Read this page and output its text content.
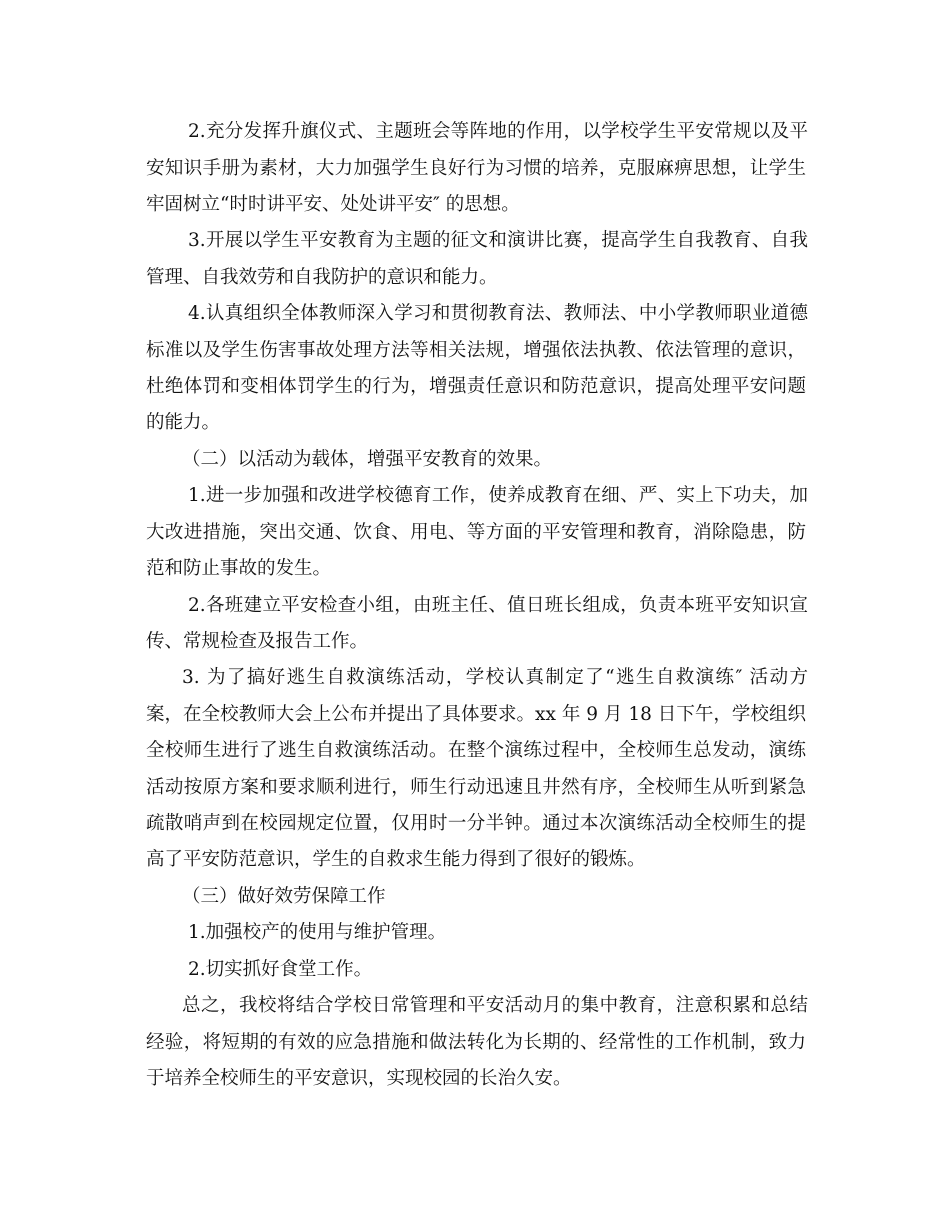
2.充分发挥升旗仪式、主题班会等阵地的作用，以学校学生平安常规以及平
安知识手册为素材，大力加强学生良好行为习惯的培养，克服麻痹思想，让学生
牢固树立“时时讲平安、处处讲平安″ 的思想。
3.开展以学生平安教育为主题的征文和演讲比赛，提高学生自我教育、自我
管理、自我效劳和自我防护的意识和能力。
4.认真组织全体教师深入学习和贯彻教育法、教师法、中小学教师职业道德
标准以及学生伤害事故处理方法等相关法规，增强依法执教、依法管理的意识，
杜绝体罚和变相体罚学生的行为，增强责任意识和防范意识，提高处理平安问题
的能力。
（二）以活动为载体，增强平安教育的效果。
1.进一步加强和改进学校德育工作，使养成教育在细、严、实上下功夫，加
大改进措施，突出交通、饮食、用电、等方面的平安管理和教育，消除隐患，防
范和防止事故的发生。
2.各班建立平安检查小组，由班主任、值日班长组成，负责本班平安知识宣
传、常规检查及报告工作。
3. 为了搞好逃生自救演练活动，学校认真制定了“逃生自救演练″ 活动方
案，在全校教师大会上公布并提出了具体要求。xx 年 9 月 18 日下午，学校组织
全校师生进行了逃生自救演练活动。在整个演练过程中，全校师生总发动，演练
活动按原方案和要求顺利进行，师生行动迅速且井然有序，全校师生从听到紧急
疏散哨声到在校园规定位置，仅用时一分半钟。通过本次演练活动全校师生的提
高了平安防范意识，学生的自救求生能力得到了很好的锻炼。
（三）做好效劳保障工作
1.加强校产的使用与维护管理。
2.切实抓好食堂工作。
总之，我校将结合学校日常管理和平安活动月的集中教育，注意积累和总结
经验，将短期的有效的应急措施和做法转化为长期的、经常性的工作机制，致力
于培养全校师生的平安意识，实现校园的长治久安。
